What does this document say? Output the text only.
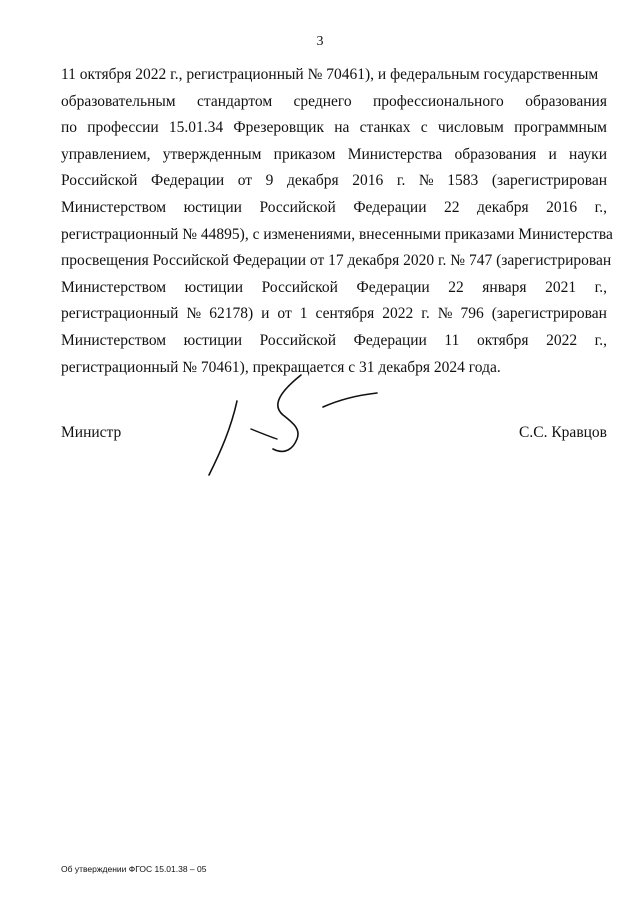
3
11 октября 2022 г., регистрационный № 70461), и федеральным государственным
образовательным стандартом среднего профессионального образования
по профессии 15.01.34 Фрезеровщик на станках с числовым программным
управлением, утвержденным приказом Министерства образования и науки
Российской Федерации от 9 декабря 2016 г. № 1583 (зарегистрирован
Министерством юстиции Российской Федерации 22 декабря 2016 г.,
регистрационный № 44895), с изменениями, внесенными приказами Министерства
просвещения Российской Федерации от 17 декабря 2020 г. № 747 (зарегистрирован
Министерством юстиции Российской Федерации 22 января 2021 г.,
регистрационный № 62178) и от 1 сентября 2022 г. № 796 (зарегистрирован
Министерством юстиции Российской Федерации 11 октября 2022 г.,
регистрационный № 70461), прекращается с 31 декабря 2024 года.
Министр	С.С. Кравцов
Об утверждении ФГОС 15.01.38 – 05
